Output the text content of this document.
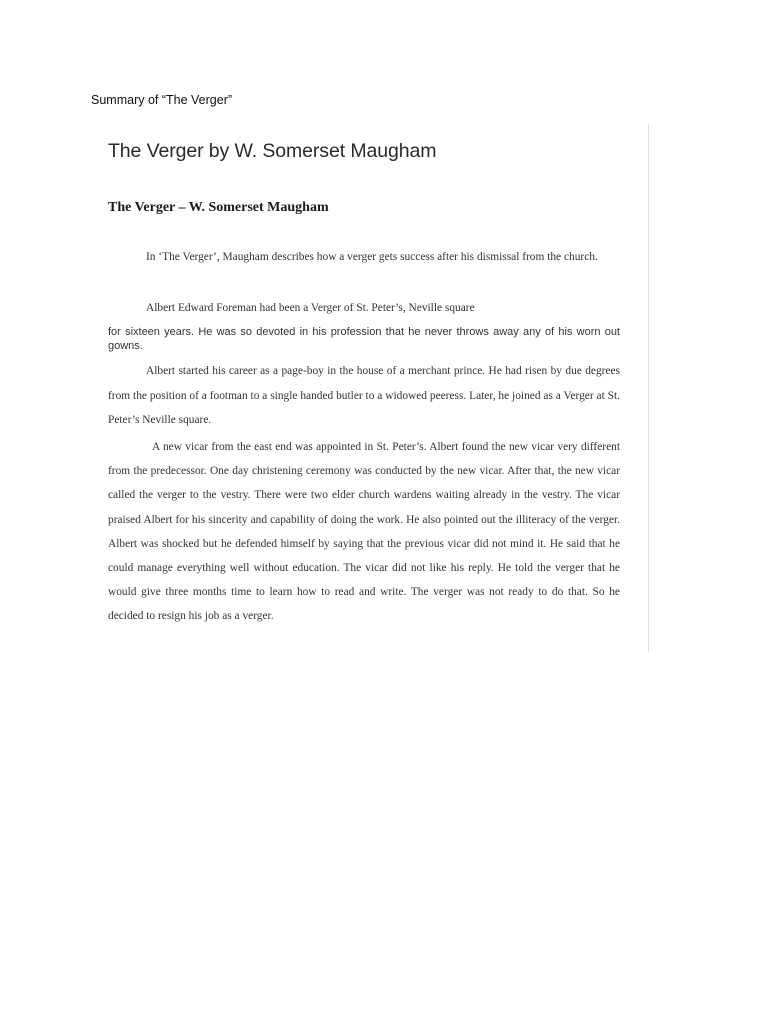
Summary of “The Verger”
The Verger by W. Somerset Maugham
The Verger – W. Somerset Maugham

In ‘The Verger’, Maugham describes how a verger gets success after his dismissal from the church.

Albert Edward Foreman had been a Verger of St. Peter’s, Neville square

for sixteen years. He was so devoted in his profession that he never throws away any of his worn out gowns.

Albert started his career as a page-boy in the house of a merchant prince. He had risen by due degrees from the position of a footman to a single handed butler to a widowed peeress. Later, he joined as a Verger at St. Peter’s Neville square.

A new vicar from the east end was appointed in St. Peter’s. Albert found the new vicar very different from the predecessor. One day christening ceremony was conducted by the new vicar. After that, the new vicar called the verger to the vestry. There were two elder church wardens waiting already in the vestry. The vicar praised Albert for his sincerity and capability of doing the work. He also pointed out the illiteracy of the verger. Albert was shocked but he defended himself by saying that the previous vicar did not mind it. He said that he could manage everything well without education. The vicar did not like his reply. He told the verger that he would give three months time to learn how to read and write. The verger was not ready to do that. So he decided to resign his job as a verger.
